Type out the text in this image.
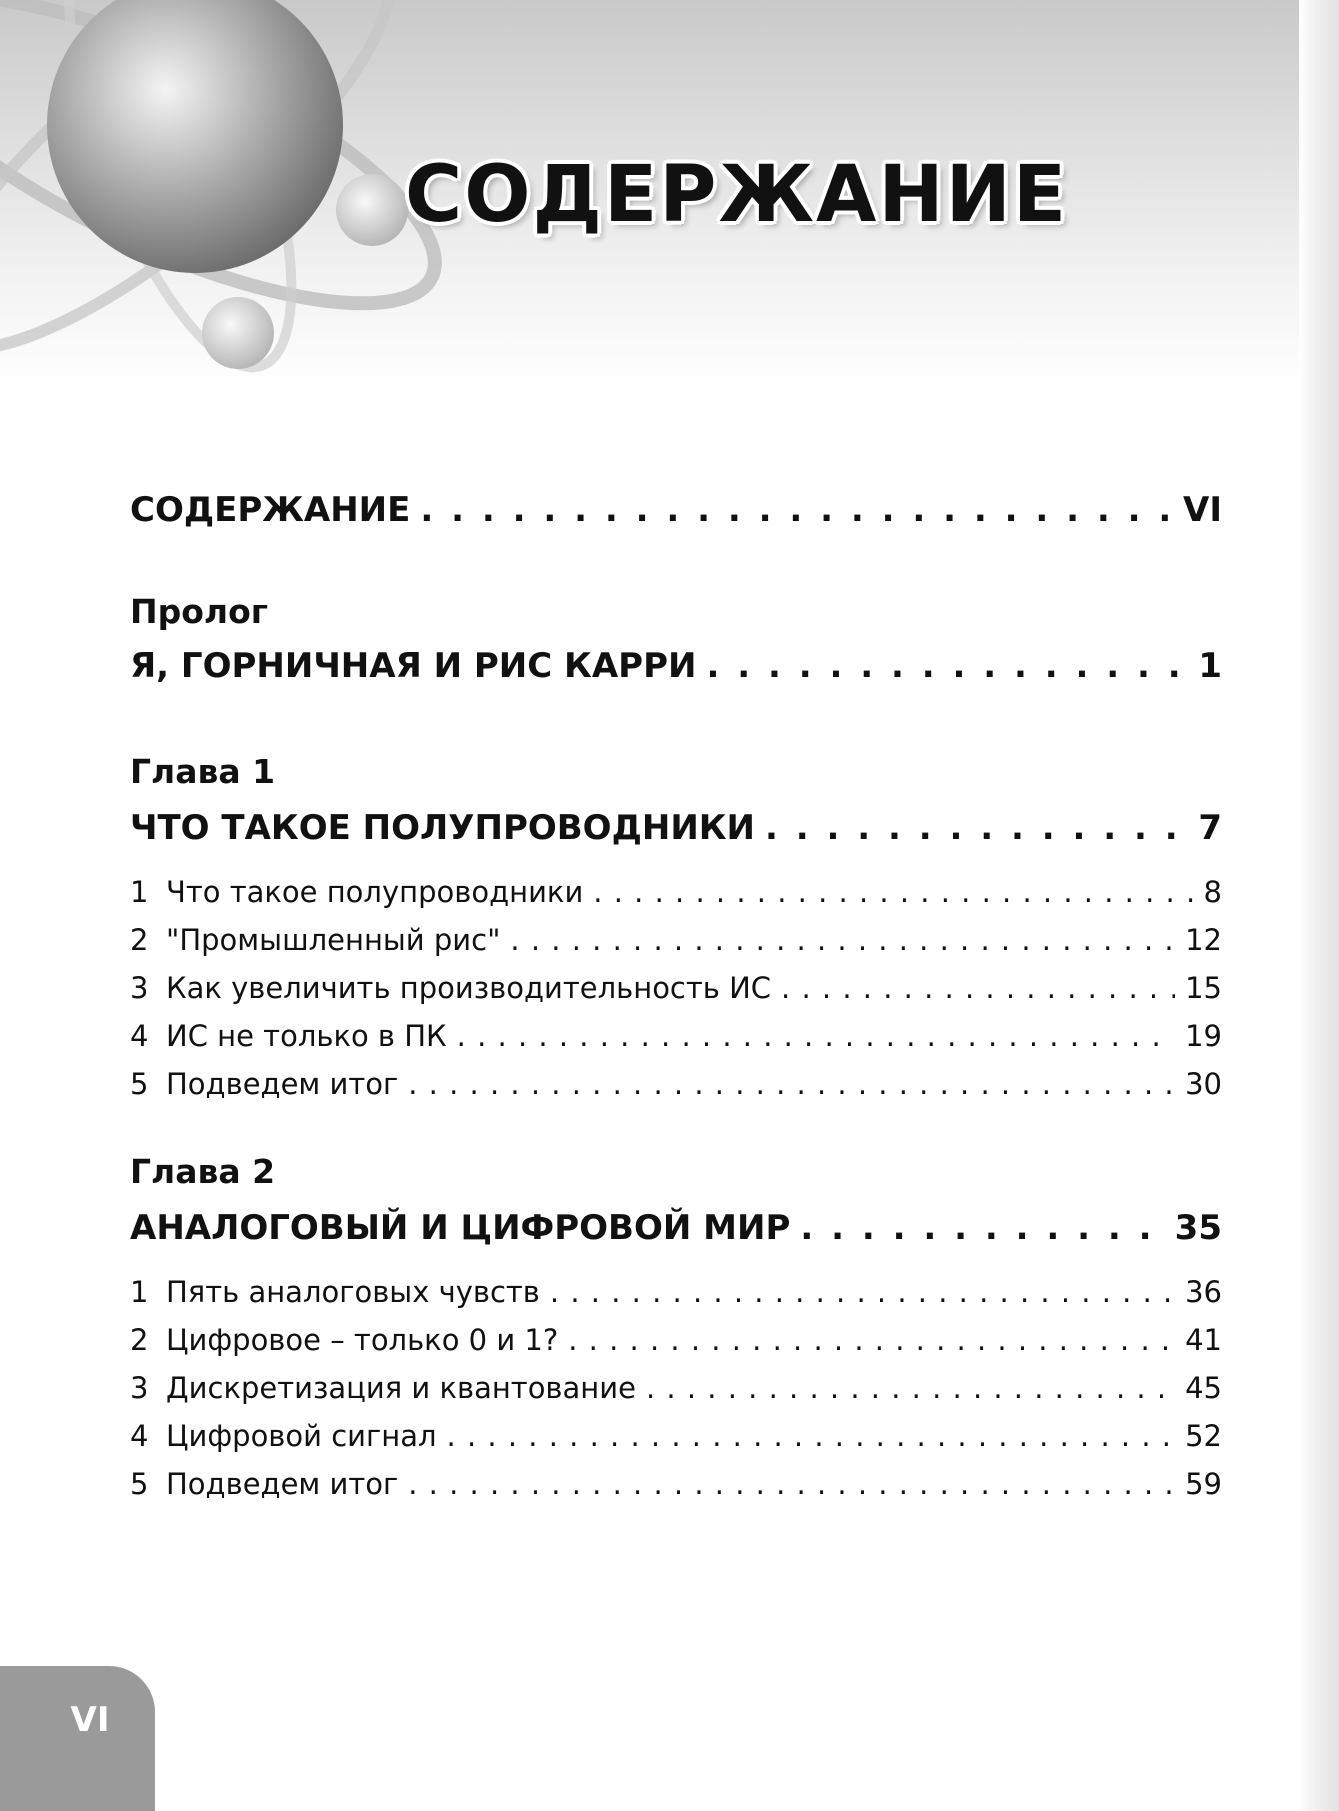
СОДЕРЖАНИЕ
СОДЕРЖАНИЕ . . .	VI
Пролог
Я, ГОРНИЧНАЯ И РИС КАРРИ . . .	1
Глава 1
ЧТО ТАКОЕ ПОЛУПРОВОДНИКИ . . .	7
1 Что такое полупроводники . . .	8
2 "Промышленный рис" . . .	12
3 Как увеличить производительность ИС . . .	15
4 ИС не только в ПК . . .	19
5 Подведем итог . . .	30
Глава 2
АНАЛОГОВЫЙ И ЦИФРОВОЙ МИР . . .	35
1 Пять аналоговых чувств . . .	36
2 Цифровое – только 0 и 1? . . .	41
3 Дискретизация и квантование . . .	45
4 Цифровой сигнал . . .	52
5 Подведем итог . . .	59
VI
